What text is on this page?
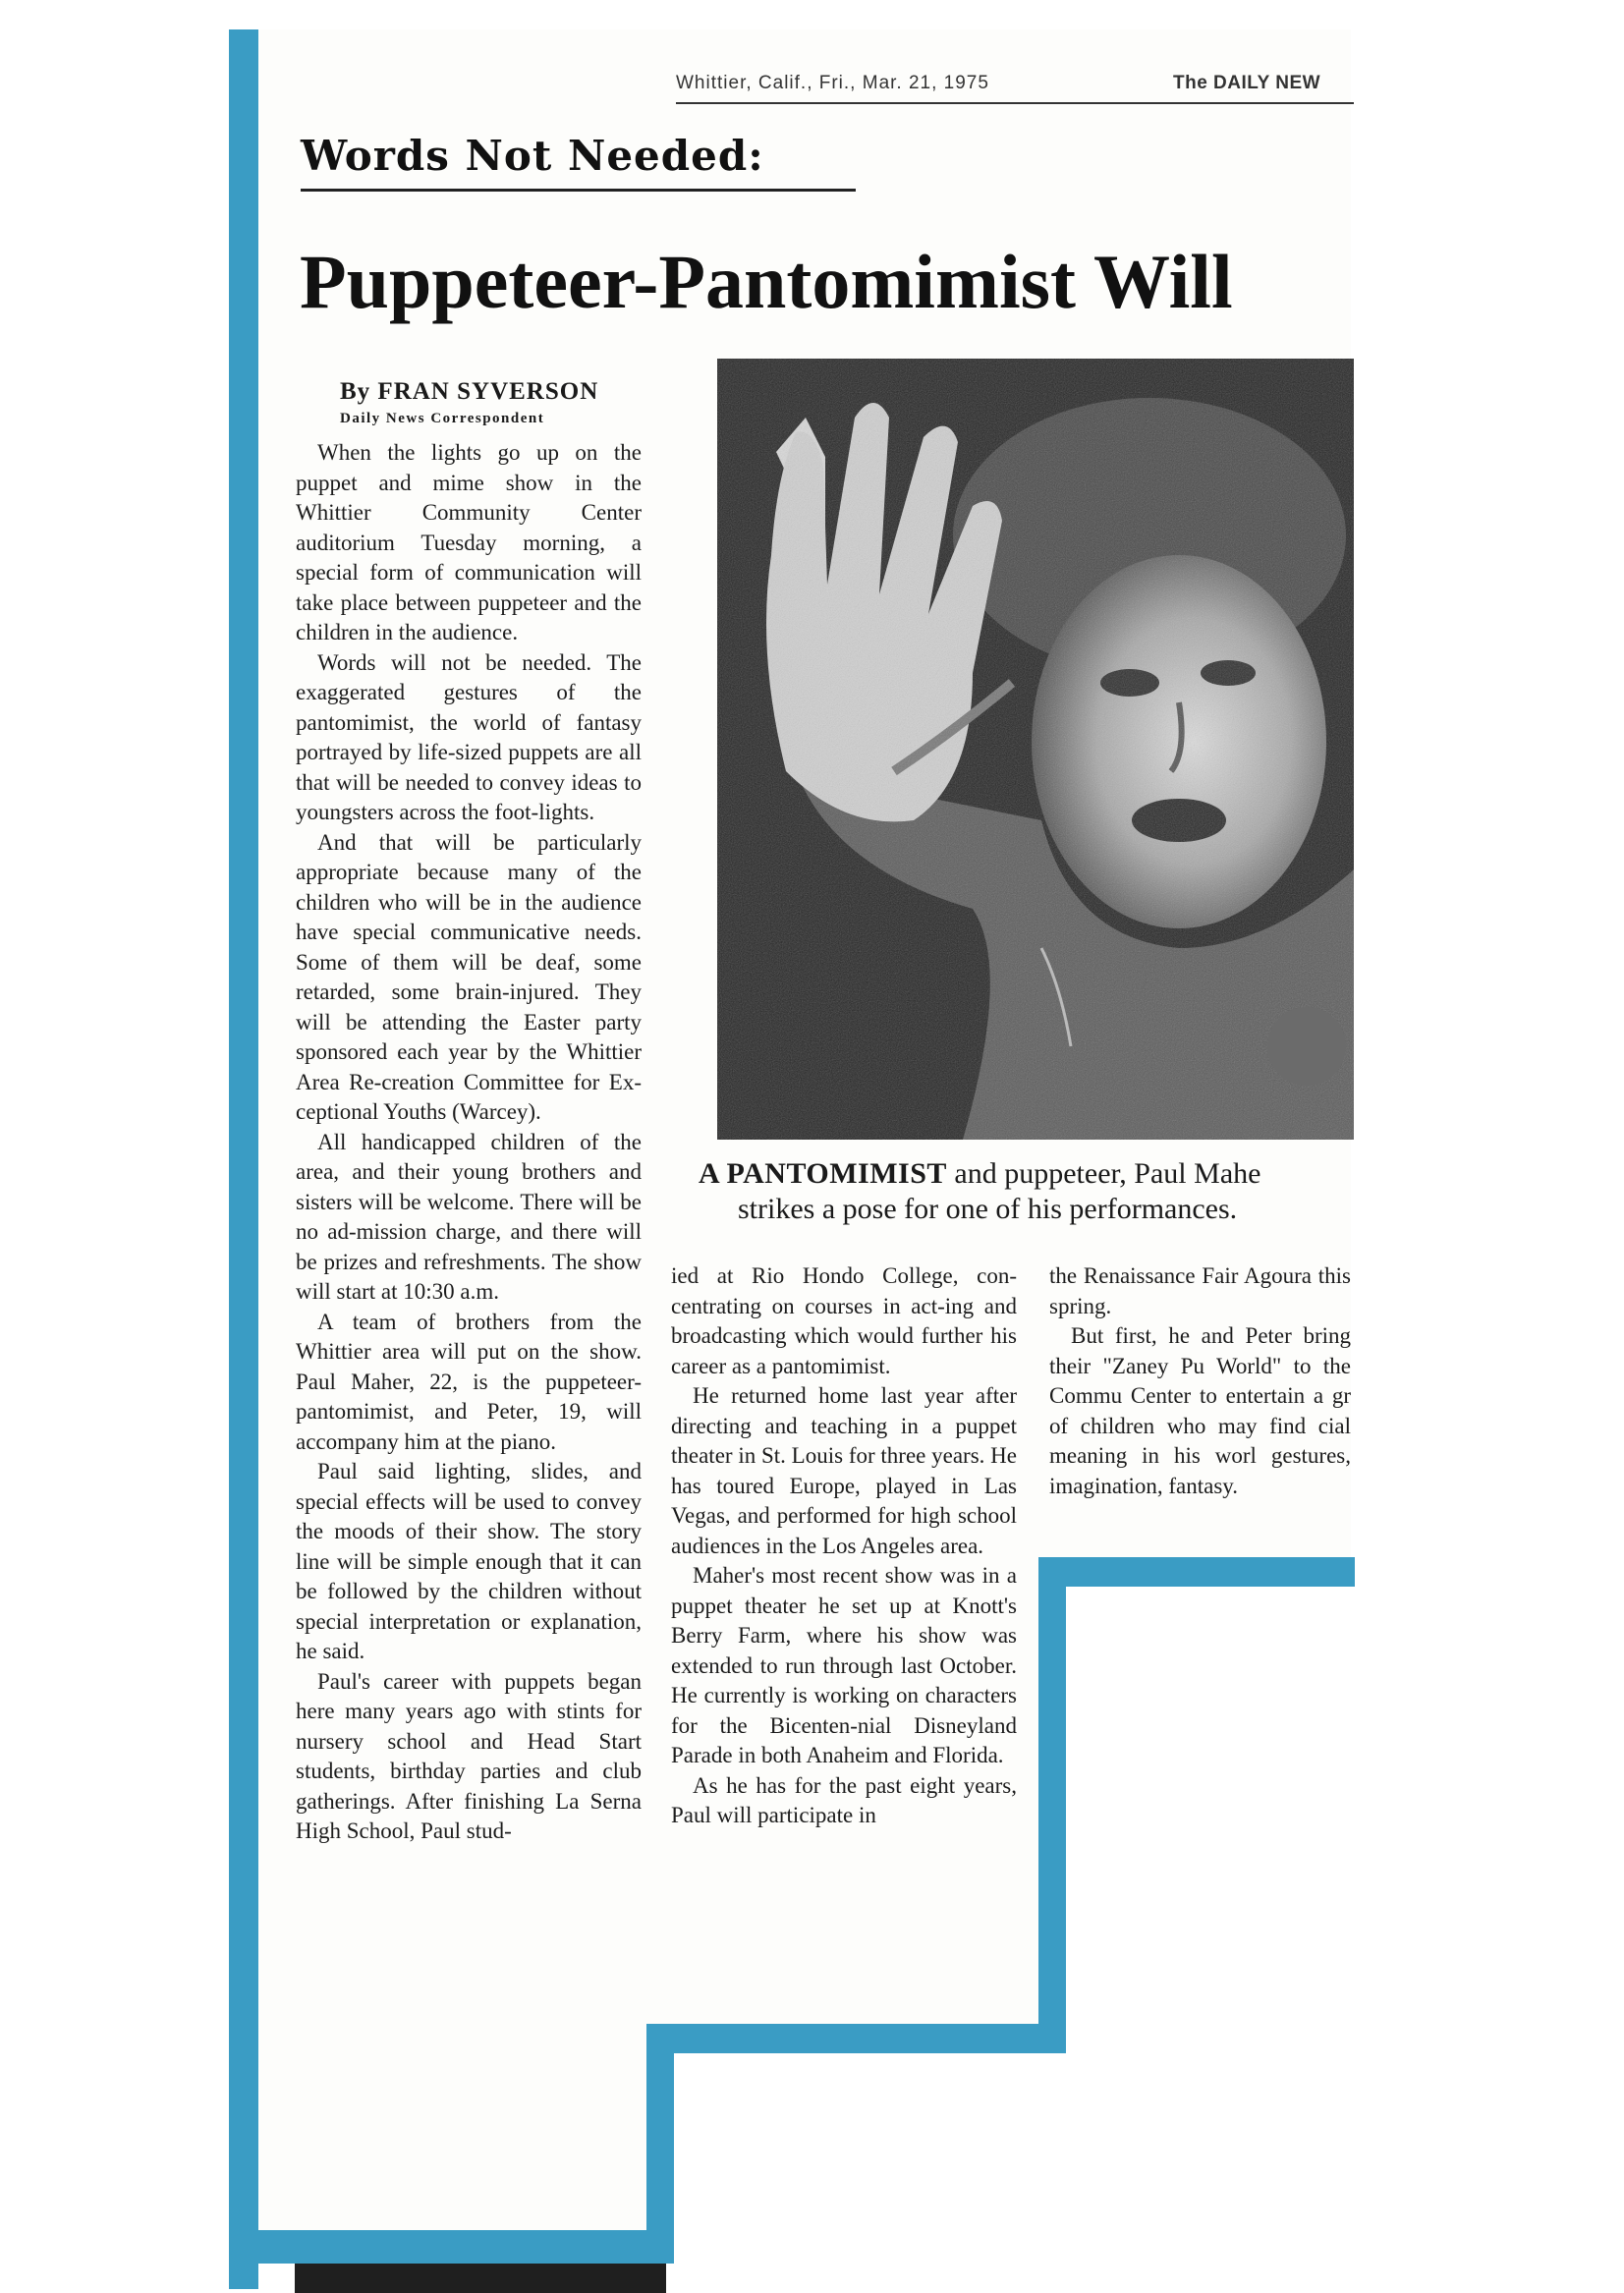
Whittier, Calif., Fri., Mar. 21, 1975	The DAILY NEW
Words Not Needed:
Puppeteer-Pantomimist Will
By FRAN SYVERSON
Daily News Correspondent
A PANTOMIMIST and puppeteer, Paul Mahe
strikes a pose for one of his performances.

When the lights go up on the puppet and mime show in the Whittier Community Center auditorium Tuesday morning, a special form of communication will take place between puppeteer and the children in the audience.

Words will not be needed. The exaggerated gestures of the pantomimist, the world of fantasy portrayed by life-sized puppets are all that will be needed to convey ideas to youngsters across the foot-lights.

And that will be particularly appropriate because many of the children who will be in the audience have special communicative needs. Some of them will be deaf, some retarded, some brain-injured. They will be attending the Easter party sponsored each year by the Whittier Area Re-creation Committee for Ex-ceptional Youths (Warcey).

All handicapped children of the area, and their young brothers and sisters will be welcome. There will be no ad-mission charge, and there will be prizes and refreshments. The show will start at 10:30 a.m.

A team of brothers from the Whittier area will put on the show. Paul Maher, 22, is the puppeteer-pantomimist, and Peter, 19, will accompany him at the piano.

Paul said lighting, slides, and special effects will be used to convey the moods of their show. The story line will be simple enough that it can be followed by the children without special interpretation or explanation, he said.

Paul's career with puppets began here many years ago with stints for nursery school and Head Start students, birthday parties and club gatherings. After finishing La Serna High School, Paul stud-

ied at Rio Hondo College, con-centrating on courses in act-ing and broadcasting which would further his career as a pantomimist.

He returned home last year after directing and teaching in a puppet theater in St. Louis for three years. He has toured Europe, played in Las Vegas, and performed for high school audiences in the Los Angeles area.

Maher's most recent show was in a puppet theater he set up at Knott's Berry Farm, where his show was extended to run through last October. He currently is working on characters for the Bicenten-nial Disneyland Parade in both Anaheim and Florida.

As he has for the past eight years, Paul will participate in

the Renaissance Fair Agoura this spring.

But first, he and Peter bring their "Zaney Pu World" to the Commu Center to entertain a gr of children who may find cial meaning in his worl gestures, imagination, fantasy.
